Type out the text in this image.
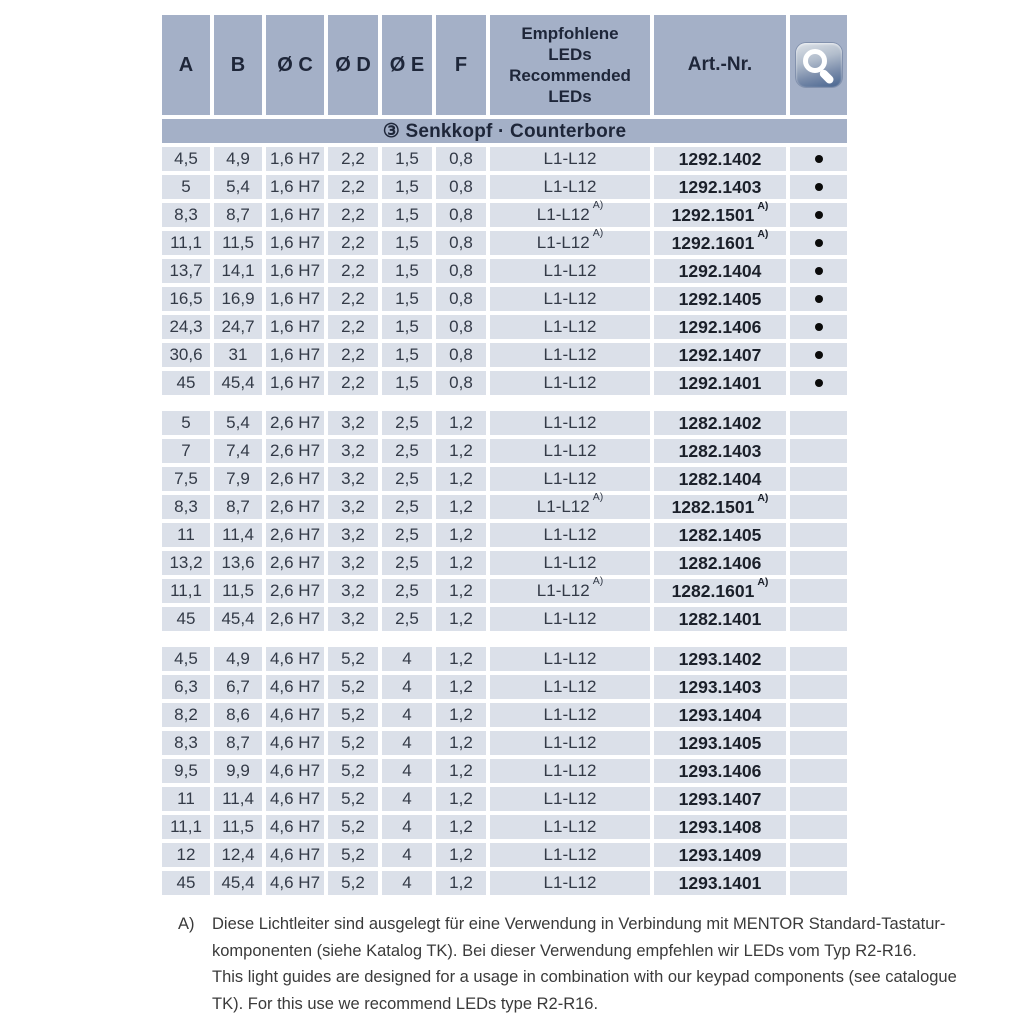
A	B	Ø C	Ø D	Ø E	F	Empfohlene
LEDs
Recommended
LEDs	Art.-Nr.	

③ Senkkopf · Counterbore								
4,5	4,9	1,6 H7	2,2	1,5	0,8	L1-L12	1292.1402	

5	5,4	1,6 H7	2,2	1,5	0,8	L1-L12	1292.1403	

8,3	8,7	1,6 H7	2,2	1,5	0,8	L1-L12 $^{A)}$	1292.1501 $^{A)}$	

11,1	11,5	1,6 H7	2,2	1,5	0,8	L1-L12 $^{A)}$	1292.1601 $^{A)}$	

13,7	14,1	1,6 H7	2,2	1,5	0,8	L1-L12	1292.1404	

16,5	16,9	1,6 H7	2,2	1,5	0,8	L1-L12	1292.1405	

24,3	24,7	1,6 H7	2,2	1,5	0,8	L1-L12	1292.1406	

30,6	31	1,6 H7	2,2	1,5	0,8	L1-L12	1292.1407	

45	45,4	1,6 H7	2,2	1,5	0,8	L1-L12	1292.1401	

5	5,4	2,6 H7	3,2	2,5	1,2	L1-L12	1282.1402	
7	7,4	2,6 H7	3,2	2,5	1,2	L1-L12	1282.1403	
7,5	7,9	2,6 H7	3,2	2,5	1,2	L1-L12	1282.1404	
8,3	8,7	2,6 H7	3,2	2,5	1,2	L1-L12 $^{A)}$	1282.1501 $^{A)}$	
11	11,4	2,6 H7	3,2	2,5	1,2	L1-L12	1282.1405	
13,2	13,6	2,6 H7	3,2	2,5	1,2	L1-L12	1282.1406	
11,1	11,5	2,6 H7	3,2	2,5	1,2	L1-L12 $^{A)}$	1282.1601 $^{A)}$	
45	45,4	2,6 H7	3,2	2,5	1,2	L1-L12	1282.1401	

4,5	4,9	4,6 H7	5,2	4	1,2	L1-L12	1293.1402	
6,3	6,7	4,6 H7	5,2	4	1,2	L1-L12	1293.1403	
8,2	8,6	4,6 H7	5,2	4	1,2	L1-L12	1293.1404	
8,3	8,7	4,6 H7	5,2	4	1,2	L1-L12	1293.1405	
9,5	9,9	4,6 H7	5,2	4	1,2	L1-L12	1293.1406	
11	11,4	4,6 H7	5,2	4	1,2	L1-L12	1293.1407	
11,1	11,5	4,6 H7	5,2	4	1,2	L1-L12	1293.1408	
12	12,4	4,6 H7	5,2	4	1,2	L1-L12	1293.1409	
45	45,4	4,6 H7	5,2	4	1,2	L1-L12	1293.1401	
A)	Diese Lichtleiter sind ausgelegt für eine Verwendung in Verbindung mit MENTOR Standard-Tastatur-
komponenten (siehe Katalog TK). Bei dieser Verwendung empfehlen wir LEDs vom Typ R2-R16.
This light guides are designed for a usage in combination with our keypad components (see catalogue
TK). For this use we recommend LEDs type R2-R16.
